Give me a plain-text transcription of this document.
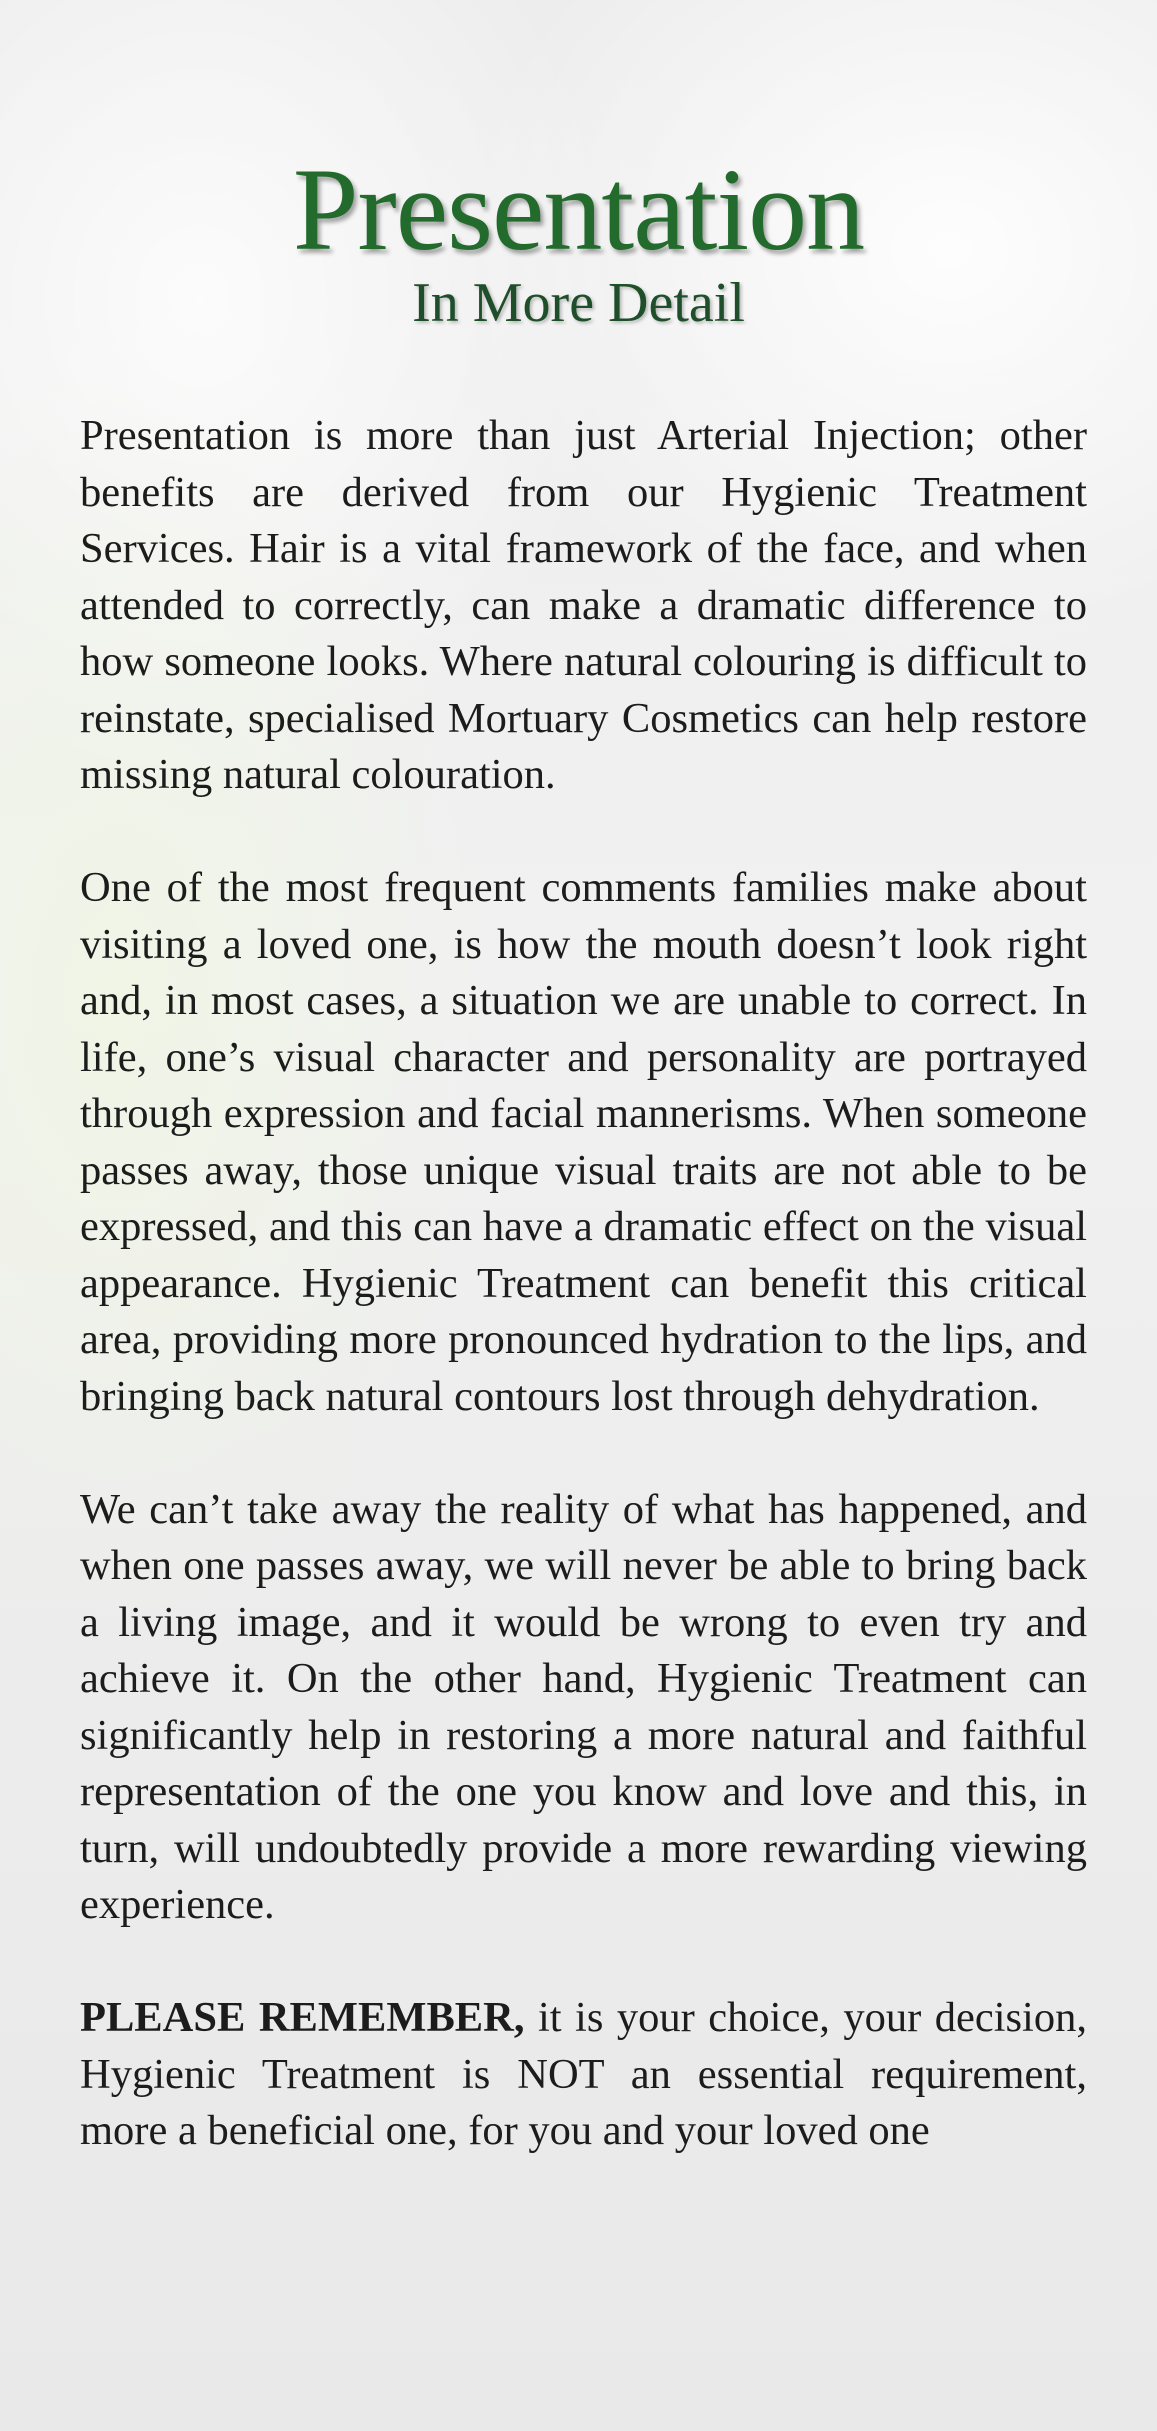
Presentation
In More Detail

Presentation is more than just Arterial Injection; other benefits are derived from our Hygienic Treatment Services. Hair is a vital framework of the face, and when attended to correctly, can make a dramatic difference to how someone looks. Where natural colouring is difficult to reinstate, specialised Mortuary Cosmetics can help restore missing natural colouration.

One of the most frequent comments families make about visiting a loved one, is how the mouth doesn’t look right and, in most cases, a situation we are unable to correct. In life, one’s visual character and personality are portrayed through expression and facial mannerisms. When someone passes away, those unique visual traits are not able to be expressed, and this can have a dramatic effect on the visual appearance. Hygienic Treatment can benefit this critical area, providing more pronounced hydration to the lips, and bringing back natural contours lost through dehydration.

We can’t take away the reality of what has happened, and when one passes away, we will never be able to bring back a living image, and it would be wrong to even try and achieve it. On the other hand, Hygienic Treatment can significantly help in restoring a more natural and faithful representation of the one you know and love and this, in turn, will undoubtedly provide a more rewarding viewing experience.

PLEASE REMEMBER, it is your choice, your decision, Hygienic Treatment is NOT an essential requirement, more a beneficial one, for you and your loved one
